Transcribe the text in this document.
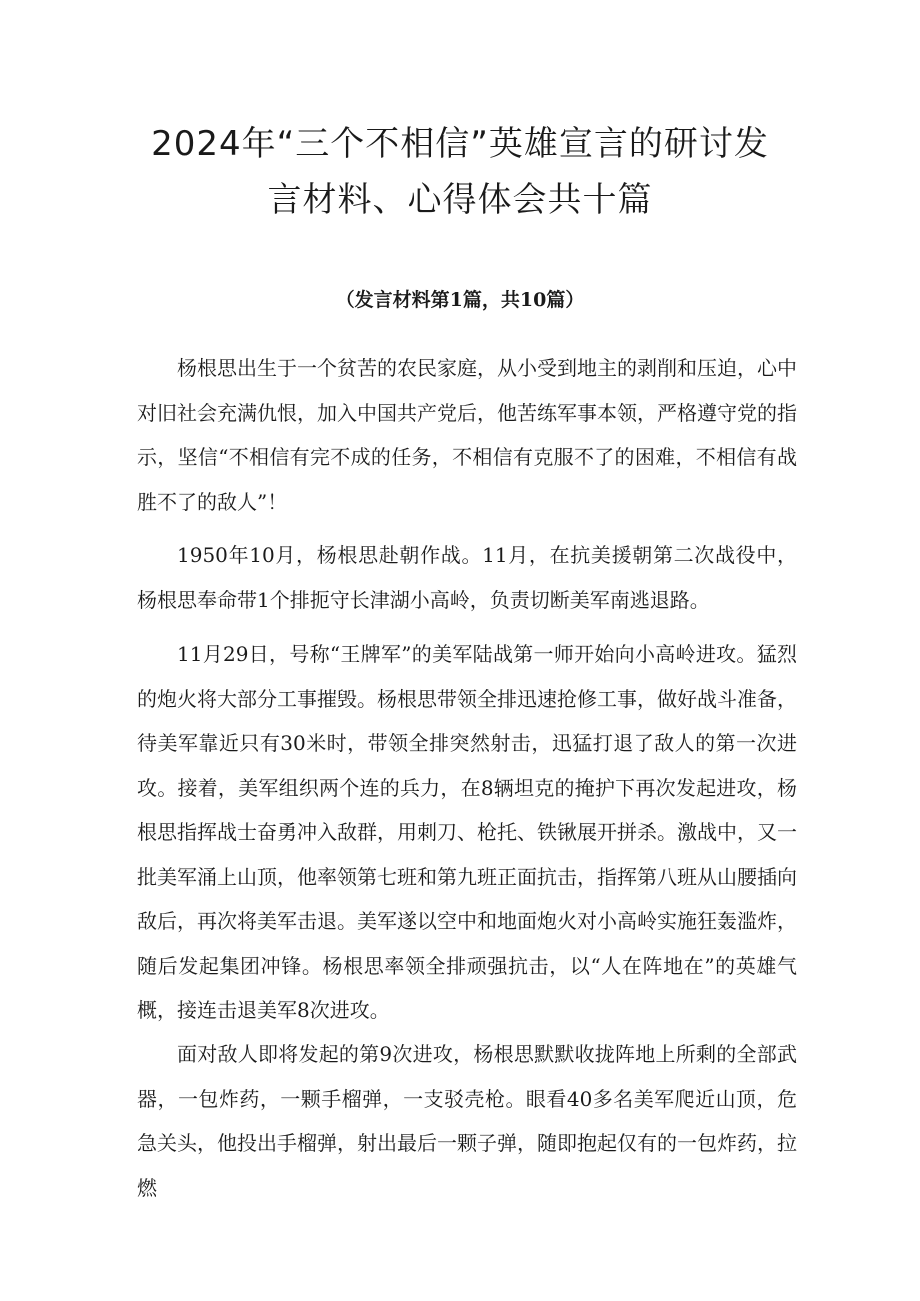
2024年“三个不相信”英雄宣言的研讨发
言材料、心得体会共十篇
（发言材料第1篇，共10篇）

杨根思出生于一个贫苦的农民家庭，从小受到地主的剥削和压迫，心中对旧社会充满仇恨，加入中国共产党后，他苦练军事本领，严格遵守党的指示，坚信“不相信有完不成的任务，不相信有克服不了的困难，不相信有战胜不了的敌人”！

1950年10月，杨根思赴朝作战。11月，在抗美援朝第二次战役中，杨根思奉命带1个排扼守长津湖小高岭，负责切断美军南逃退路。

11月29日，号称“王牌军”的美军陆战第一师开始向小高岭进攻。猛烈的炮火将大部分工事摧毁。杨根思带领全排迅速抢修工事，做好战斗准备，待美军靠近只有30米时，带领全排突然射击，迅猛打退了敌人的第一次进攻。接着，美军组织两个连的兵力，在8辆坦克的掩护下再次发起进攻，杨根思指挥战士奋勇冲入敌群，用刺刀、枪托、铁锹展开拼杀。激战中，又一批美军涌上山顶，他率领第七班和第九班正面抗击，指挥第八班从山腰插向敌后，再次将美军击退。美军遂以空中和地面炮火对小高岭实施狂轰滥炸，随后发起集团冲锋。杨根思率领全排顽强抗击，以“人在阵地在”的英雄气概，接连击退美军8次进攻。

面对敌人即将发起的第9次进攻，杨根思默默收拢阵地上所剩的全部武器，一包炸药，一颗手榴弹，一支驳壳枪。眼看40多名美军爬近山顶，危急关头，他投出手榴弹，射出最后一颗子弹，随即抱起仅有的一包炸药，拉燃
